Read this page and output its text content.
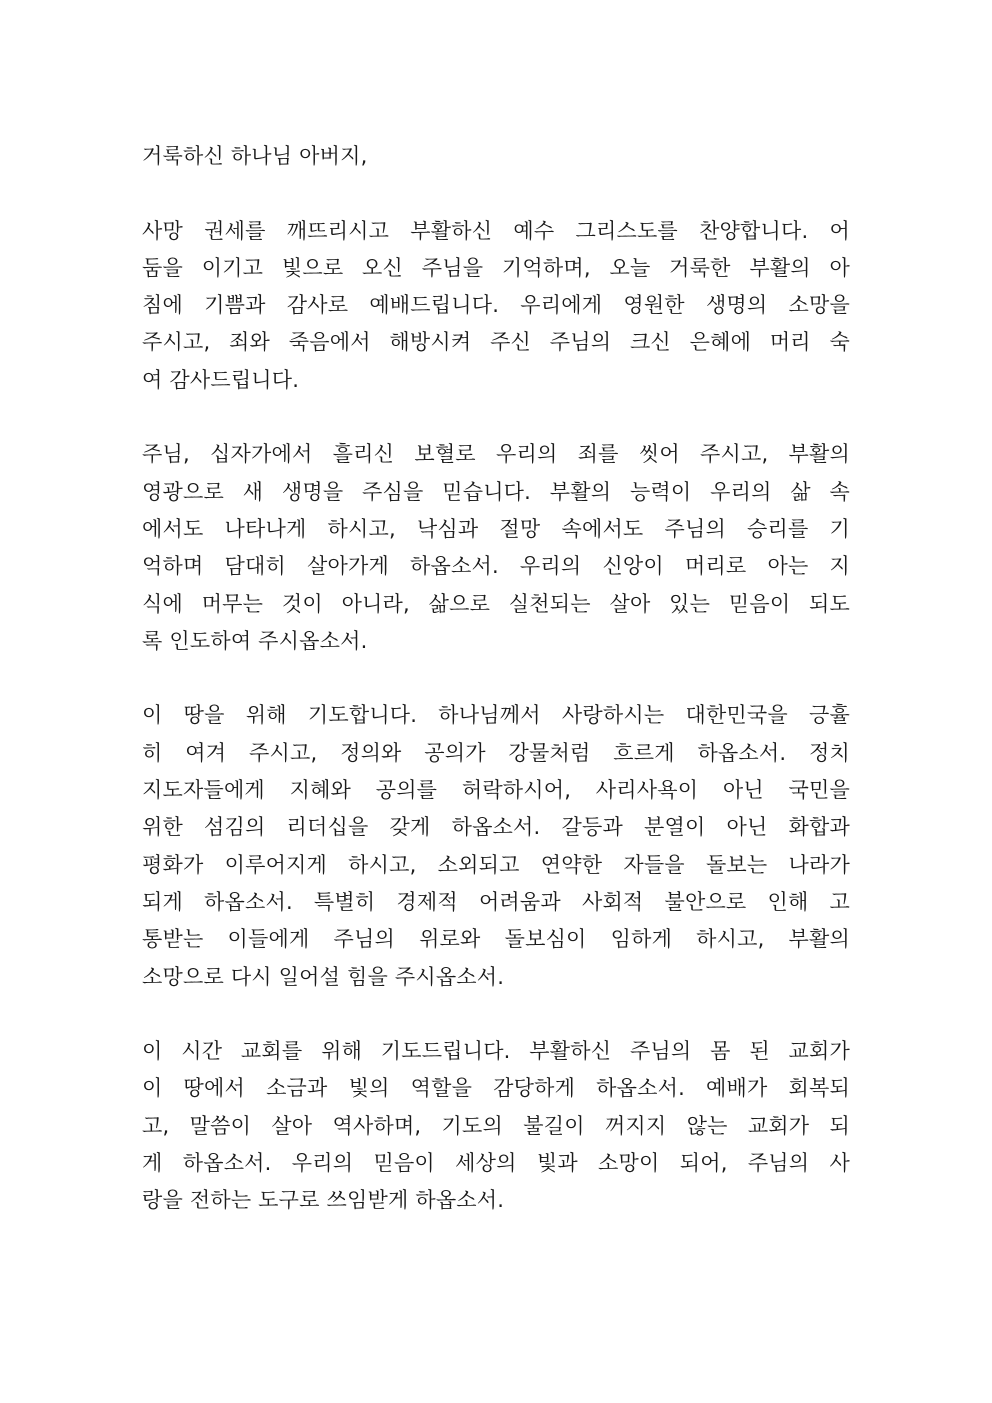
거룩하신 하나님 아버지,
사망 권세를 깨뜨리시고 부활하신 예수 그리스도를 찬양합니다. 어
둠을 이기고 빛으로 오신 주님을 기억하며, 오늘 거룩한 부활의 아
침에 기쁨과 감사로 예배드립니다. 우리에게 영원한 생명의 소망을
주시고, 죄와 죽음에서 해방시켜 주신 주님의 크신 은혜에 머리 숙
여 감사드립니다.
주님, 십자가에서 흘리신 보혈로 우리의 죄를 씻어 주시고, 부활의
영광으로 새 생명을 주심을 믿습니다. 부활의 능력이 우리의 삶 속
에서도 나타나게 하시고, 낙심과 절망 속에서도 주님의 승리를 기
억하며 담대히 살아가게 하옵소서. 우리의 신앙이 머리로 아는 지
식에 머무는 것이 아니라, 삶으로 실천되는 살아 있는 믿음이 되도
록 인도하여 주시옵소서.
이 땅을 위해 기도합니다. 하나님께서 사랑하시는 대한민국을 긍휼
히 여겨 주시고, 정의와 공의가 강물처럼 흐르게 하옵소서. 정치
지도자들에게 지혜와 공의를 허락하시어, 사리사욕이 아닌 국민을
위한 섬김의 리더십을 갖게 하옵소서. 갈등과 분열이 아닌 화합과
평화가 이루어지게 하시고, 소외되고 연약한 자들을 돌보는 나라가
되게 하옵소서. 특별히 경제적 어려움과 사회적 불안으로 인해 고
통받는 이들에게 주님의 위로와 돌보심이 임하게 하시고, 부활의
소망으로 다시 일어설 힘을 주시옵소서.
이 시간 교회를 위해 기도드립니다. 부활하신 주님의 몸 된 교회가
이 땅에서 소금과 빛의 역할을 감당하게 하옵소서. 예배가 회복되
고, 말씀이 살아 역사하며, 기도의 불길이 꺼지지 않는 교회가 되
게 하옵소서. 우리의 믿음이 세상의 빛과 소망이 되어, 주님의 사
랑을 전하는 도구로 쓰임받게 하옵소서.
